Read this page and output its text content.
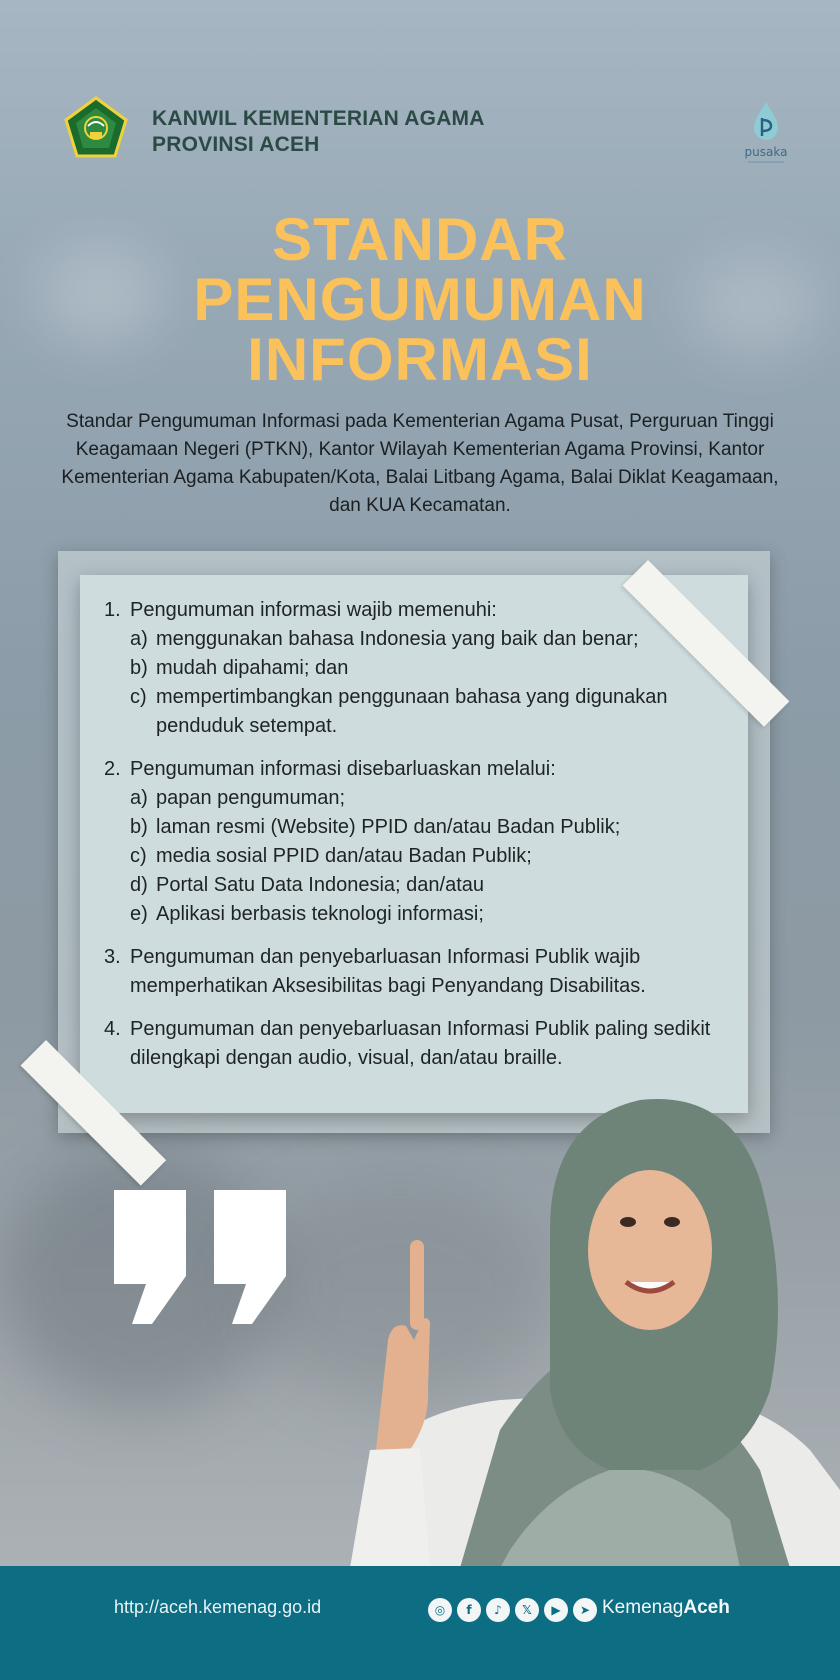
KANWIL KEMENTERIAN AGAMA
PROVINSI ACEH	pusaka
STANDAR
PENGUMUMAN
INFORMASI
Standar Pengumuman Informasi pada Kementerian Agama Pusat, Perguruan Tinggi Keagamaan Negeri (PTKN), Kantor Wilayah Kementerian Agama Provinsi, Kantor Kementerian Agama Kabupaten/Kota, Balai Litbang Agama, Balai Diklat Keagamaan, dan KUA Kecamatan.
1. Pengumuman informasi wajib memenuhi:
a) menggunakan bahasa Indonesia yang baik dan benar;
b) mudah dipahami; dan
c) mempertimbangkan penggunaan bahasa yang digunakan penduduk setempat.
2. Pengumuman informasi disebarluaskan melalui:
a) papan pengumuman;
b) laman resmi (Website) PPID dan/atau Badan Publik;
c) media sosial PPID dan/atau Badan Publik;
d) Portal Satu Data Indonesia; dan/atau
e) Aplikasi berbasis teknologi informasi;
3. Pengumuman dan penyebarluasan Informasi Publik wajib memperhatikan Aksesibilitas bagi Penyandang Disabilitas.
4. Pengumuman dan penyebarluasan Informasi Publik paling sedikit dilengkapi dengan audio, visual, dan/atau braille.
http://aceh.kemenag.go.id	◎	f	♪	𝕏	▶	➤ KemenagAceh
